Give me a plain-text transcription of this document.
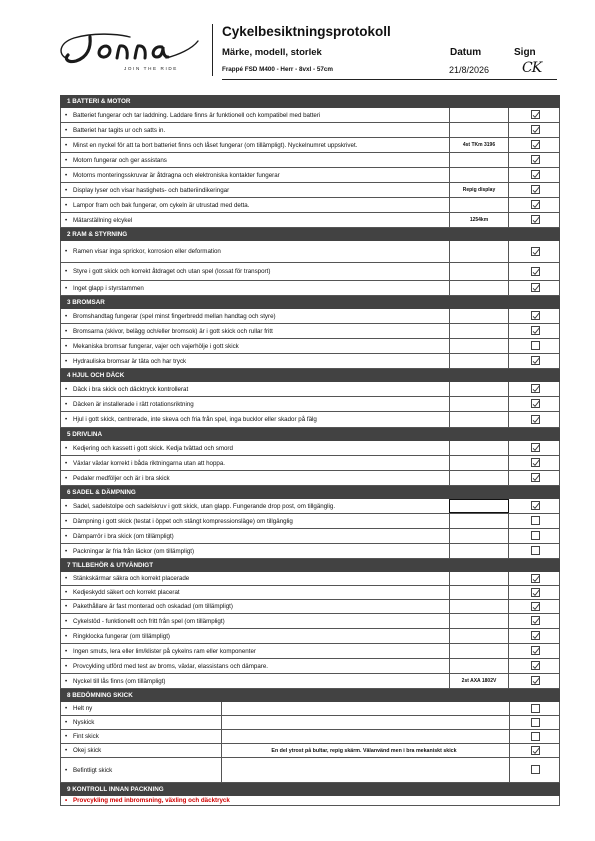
JOIN THE RIDE
Cykelbesiktningsprotokoll
Märke, modell, storlek	Datum	Sign
Frappé FSD M400 - Herr - 8vxl - 57cm	21/8/2026 CK
1 BATTERI & MOTOR
• Batteriet fungerar och tar laddning. Laddare finns är funktionell och kompatibel med batteri
• Batteriet har tagits ur och satts in.
• Minst en nyckel för att ta bort batteriet finns och låset fungerar (om tillämpligt). Nyckelnumret uppskrivet.	4st TKm 3196
• Motorn fungerar och ger assistans
• Motorns monteringsskruvar är åtdragna och elektroniska kontakter fungerar
• Display lyser och visar hastighets- och batteriindikeringar	Repig display
• Lampor fram och bak fungerar, om cykeln är utrustad med detta.
• Mätarställning elcykel	1254km
2 RAM & STYRNING
• Ramen visar inga sprickor, korrosion eller deformation
• Styre i gott skick och korrekt åtdraget och utan spel (lossat för transport)
• Inget glapp i styrstammen
3 BROMSAR
• Bromshandtag fungerar (spel minst fingerbredd mellan handtag och styre)
• Bromsarna (skivor, belägg och/eller bromsok) är i gott skick och rullar fritt
• Mekaniska bromsar fungerar, vajer och vajerhölje i gott skick
• Hydrauliska bromsar är täta och har tryck
4 HJUL OCH DÄCK
• Däck i bra skick och däcktryck kontrollerat
• Däcken är installerade i rätt rotationsriktning
• Hjul i gott skick, centrerade, inte skeva och fria från spel, inga bucklor eller skador på fälg
5 DRIVLINA
• Kedjering och kassett i gott skick. Kedja tvättad och smord
• Växlar växlar korrekt i båda riktningarna utan att hoppa.
• Pedaler medföljer och är i bra skick
6 SADEL & DÄMPNING
• Sadel, sadelstolpe och sadelskruv i gott skick, utan glapp. Fungerande drop post, om tillgänglig.
• Dämpning i gott skick (testat i öppet och stängt kompressionsläge) om tillgänglig
• Dämparrör i bra skick (om tillämpligt)
• Packningar är fria från läckor (om tillämpligt)
7 TILLBEHÖR & UTVÄNDIGT
• Stänkskärmar säkra och korrekt placerade
• Kedjeskydd säkert och korrekt placerat
• Pakethållare är fast monterad och oskadad (om tillämpligt)
• Cykelstöd - funktionellt och fritt från spel (om tillämpligt)
• Ringklocka fungerar (om tillämpligt)
• Ingen smuts, lera eller lim/klister på cykelns ram eller komponenter
• Provcykling utförd med test av broms, växlar, elassistans och dämpare.
• Nyckel till lås finns (om tillämpligt)	2st AXA 1802V
8 BEDÖMNING SKICK
• Helt ny
• Nyskick
• Fint skick
• Okej skick	En del ytrost på bultar, repig skärm. Välanvänd men i bra mekaniskt skick
• Befintligt skick
9 KONTROLL INNAN PACKNING
• Provcykling med inbromsning, växling och däcktryck
